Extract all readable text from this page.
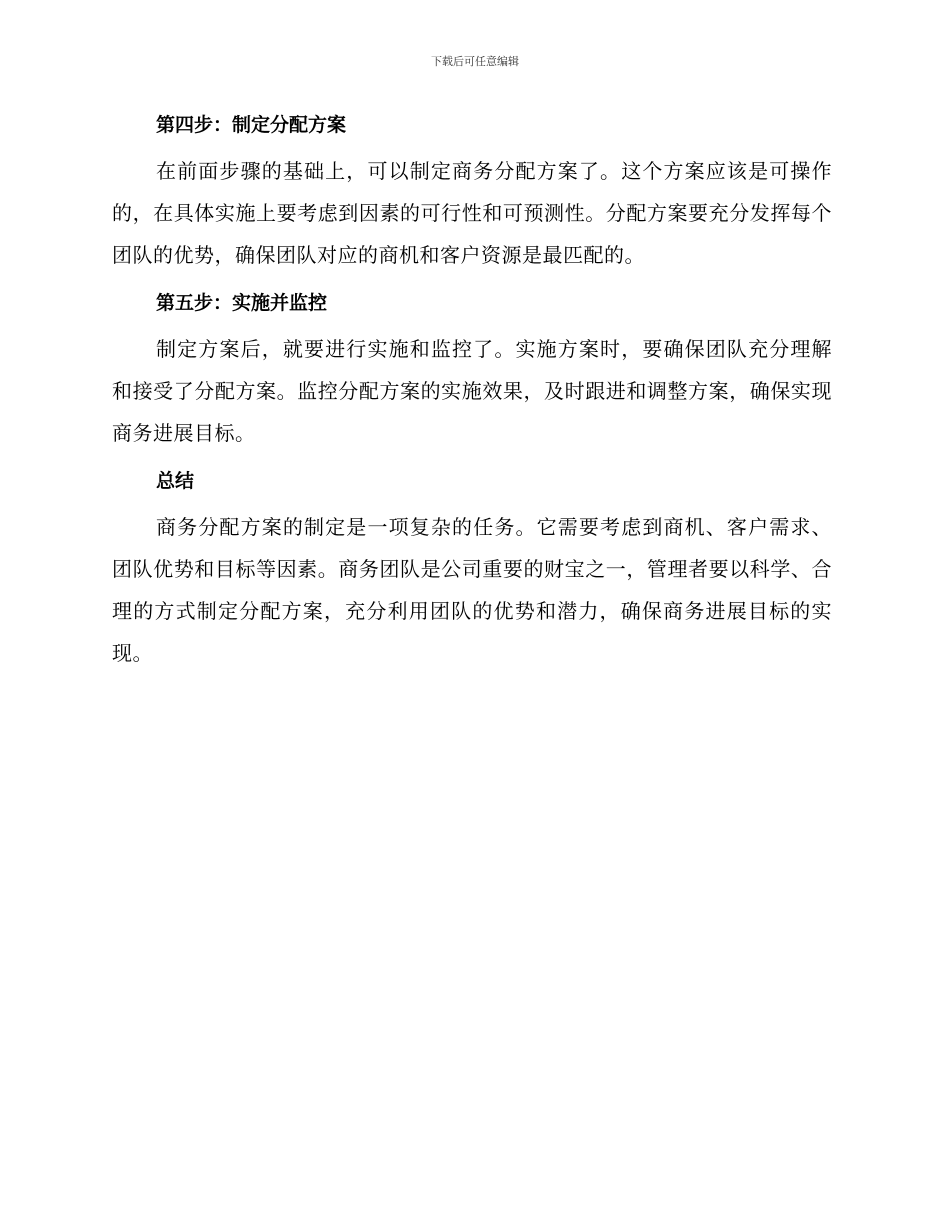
下载后可任意编辑
第四步：制定分配方案

在前面步骤的基础上，可以制定商务分配方案了。这个方案应该是可操作的，在具体实施上要考虑到因素的可行性和可预测性。分配方案要充分发挥每个团队的优势，确保团队对应的商机和客户资源是最匹配的。

第五步：实施并监控

制定方案后，就要进行实施和监控了。实施方案时，要确保团队充分理解和接受了分配方案。监控分配方案的实施效果，及时跟进和调整方案，确保实现商务进展目标。

总结

商务分配方案的制定是一项复杂的任务。它需要考虑到商机、客户需求、团队优势和目标等因素。商务团队是公司重要的财宝之一，管理者要以科学、合理的方式制定分配方案，充分利用团队的优势和潜力，确保商务进展目标的实现。
